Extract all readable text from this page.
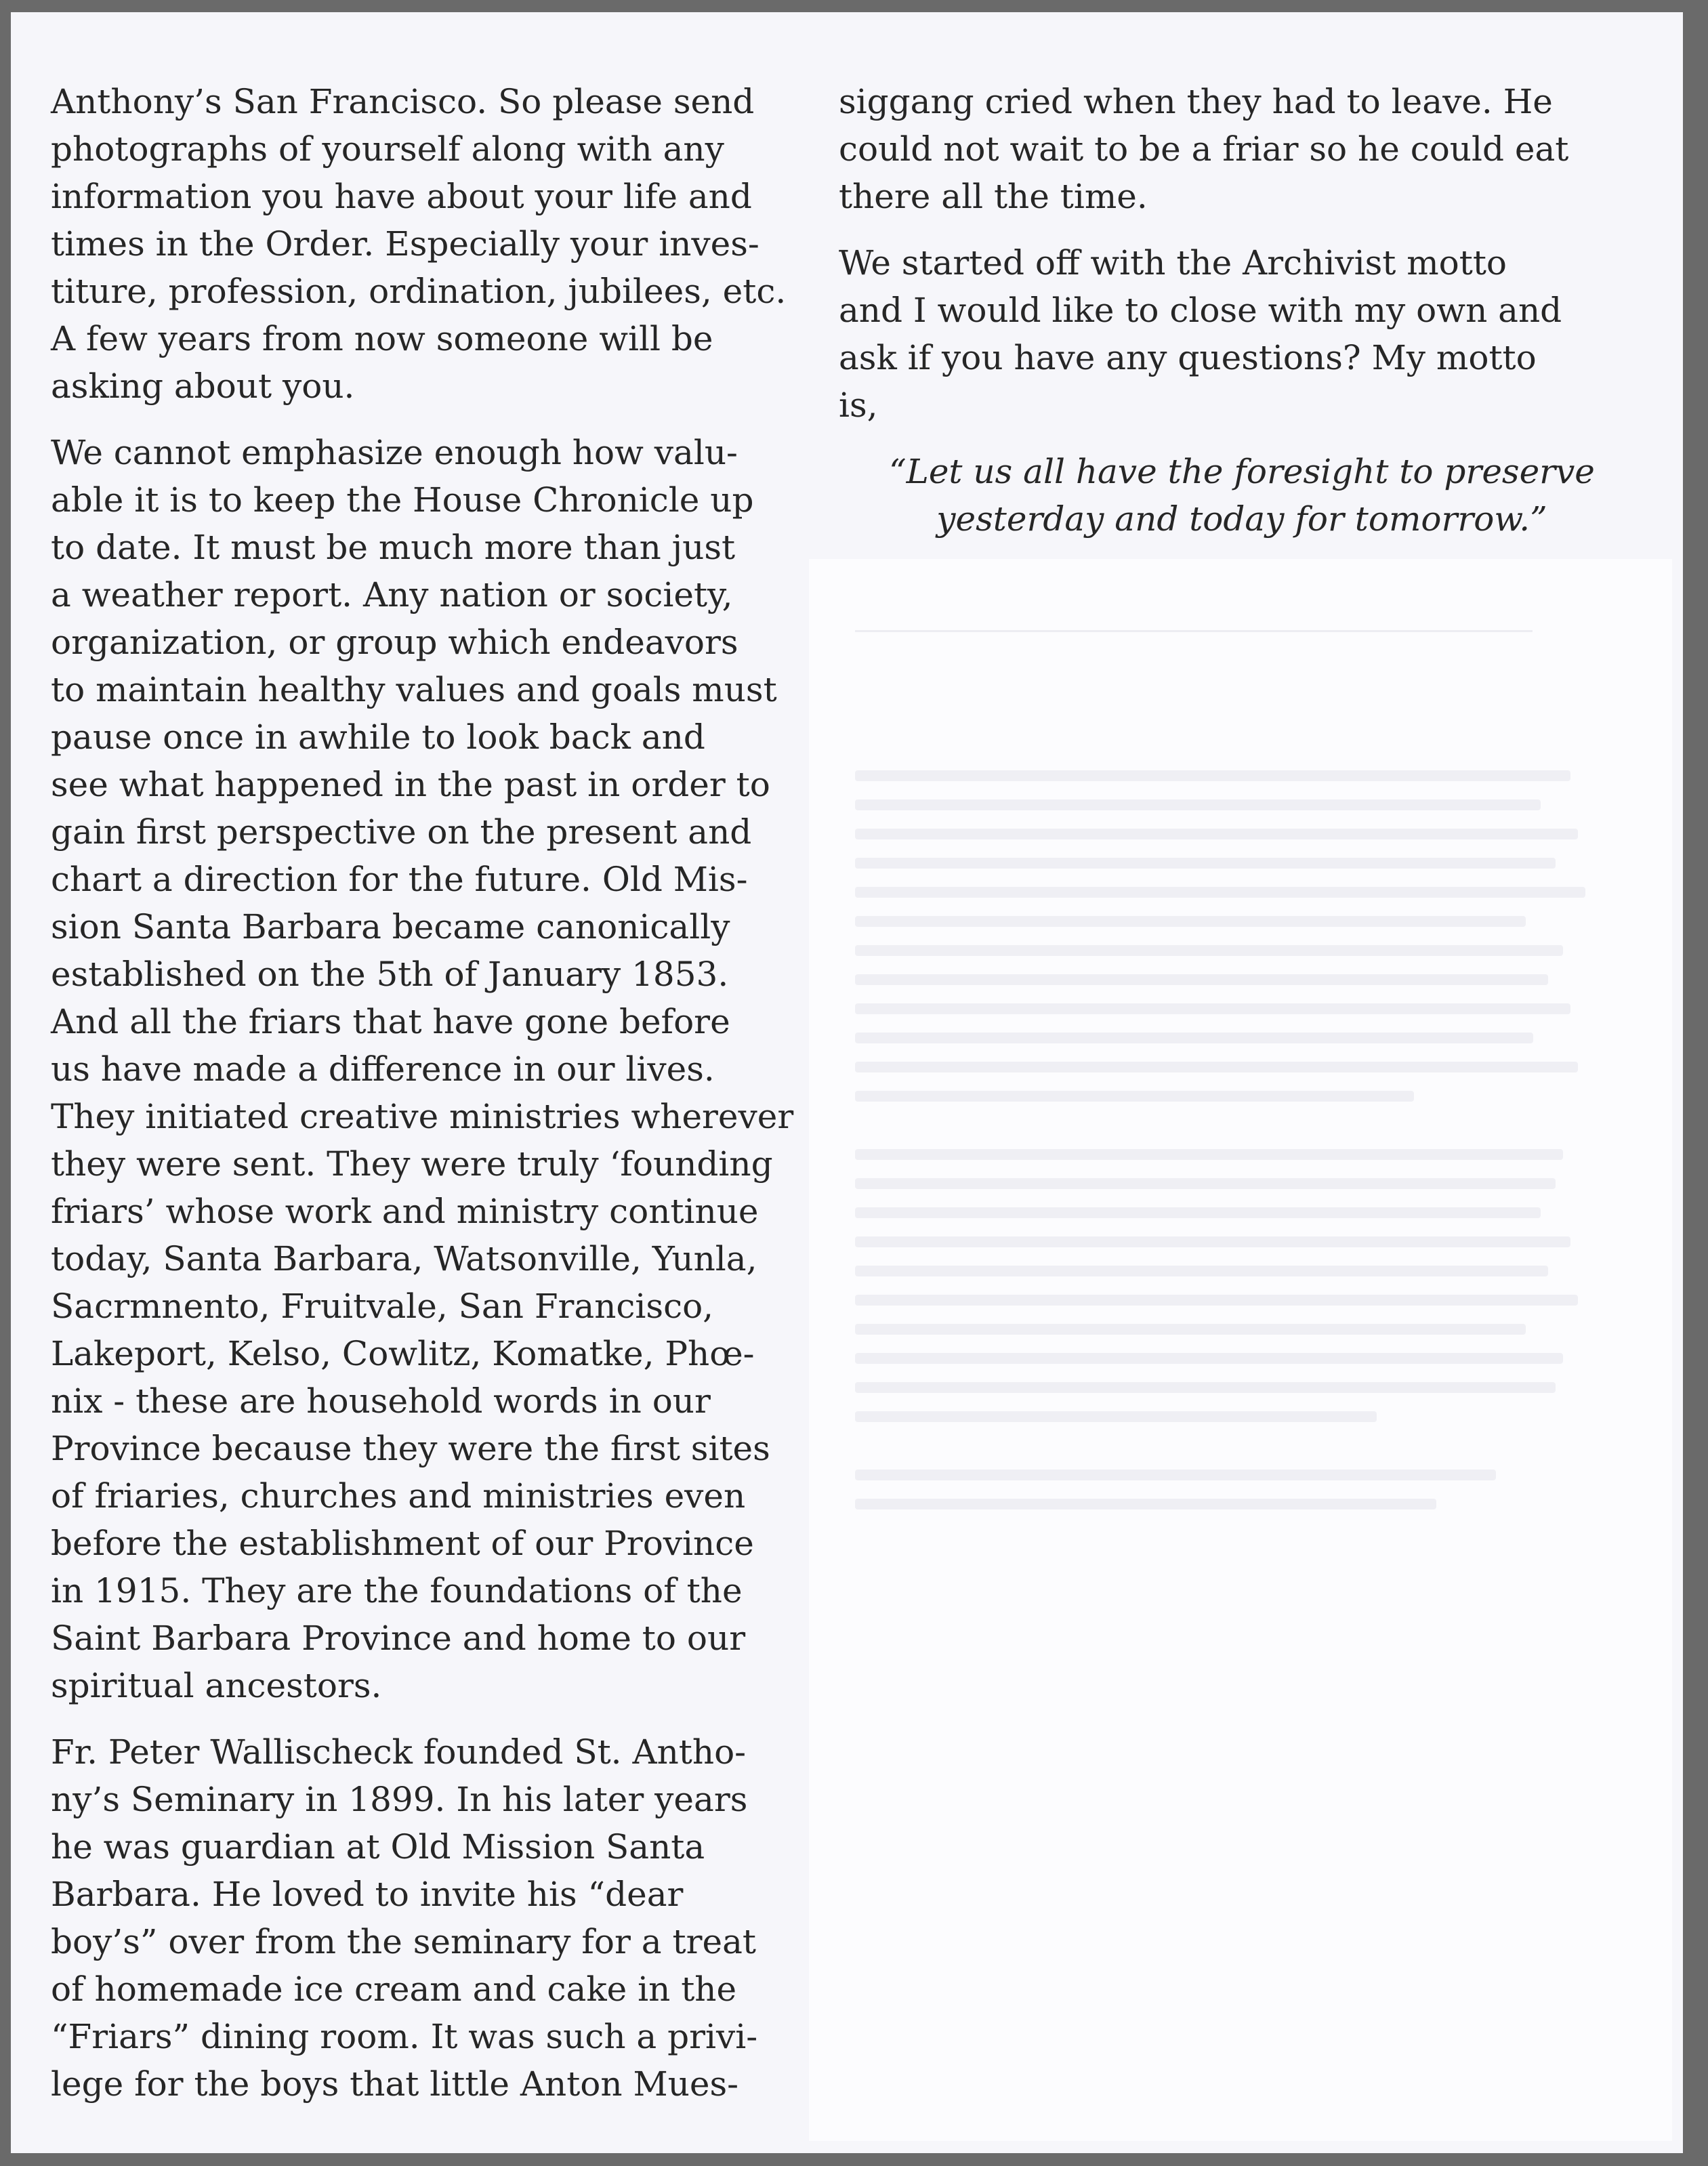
Anthony’s San Francisco. So please send
photographs of yourself along with any
information you have about your life and
times in the Order. Especially your inves-
titure, profession, ordination, jubilees, etc.
A few years from now someone will be
asking about you.

We cannot emphasize enough how valu-
able it is to keep the House Chronicle up
to date. It must be much more than just
a weather report. Any nation or society,
organization, or group which endeavors
to maintain healthy values and goals must
pause once in awhile to look back and
see what happened in the past in order to
gain first perspective on the present and
chart a direction for the future. Old Mis-
sion Santa Barbara became canonically
established on the 5th of January 1853.
And all the friars that have gone before
us have made a difference in our lives.
They initiated creative ministries wherever
they were sent. They were truly ‘founding
friars’ whose work and ministry continue
today, Santa Barbara, Watsonville, Yunla,
Sacrmnento, Fruitvale, San Francisco,
Lakeport, Kelso, Cowlitz, Komatke, Phœ-
nix - these are household words in our
Province because they were the first sites
of friaries, churches and ministries even
before the establishment of our Province
in 1915. They are the foundations of the
Saint Barbara Province and home to our
spiritual ancestors.

Fr. Peter Wallischeck founded St. Antho-
ny’s Seminary in 1899. In his later years
he was guardian at Old Mission Santa
Barbara. He loved to invite his “dear
boy’s” over from the seminary for a treat
of homemade ice cream and cake in the
“Friars” dining room. It was such a privi-
lege for the boys that little Anton Mues-

siggang cried when they had to leave. He
could not wait to be a friar so he could eat
there all the time.

We started off with the Archivist motto
and I would like to close with my own and
ask if you have any questions? My motto
is,

“Let us all have the foresight to preserve
yesterday and today for tomorrow.”
